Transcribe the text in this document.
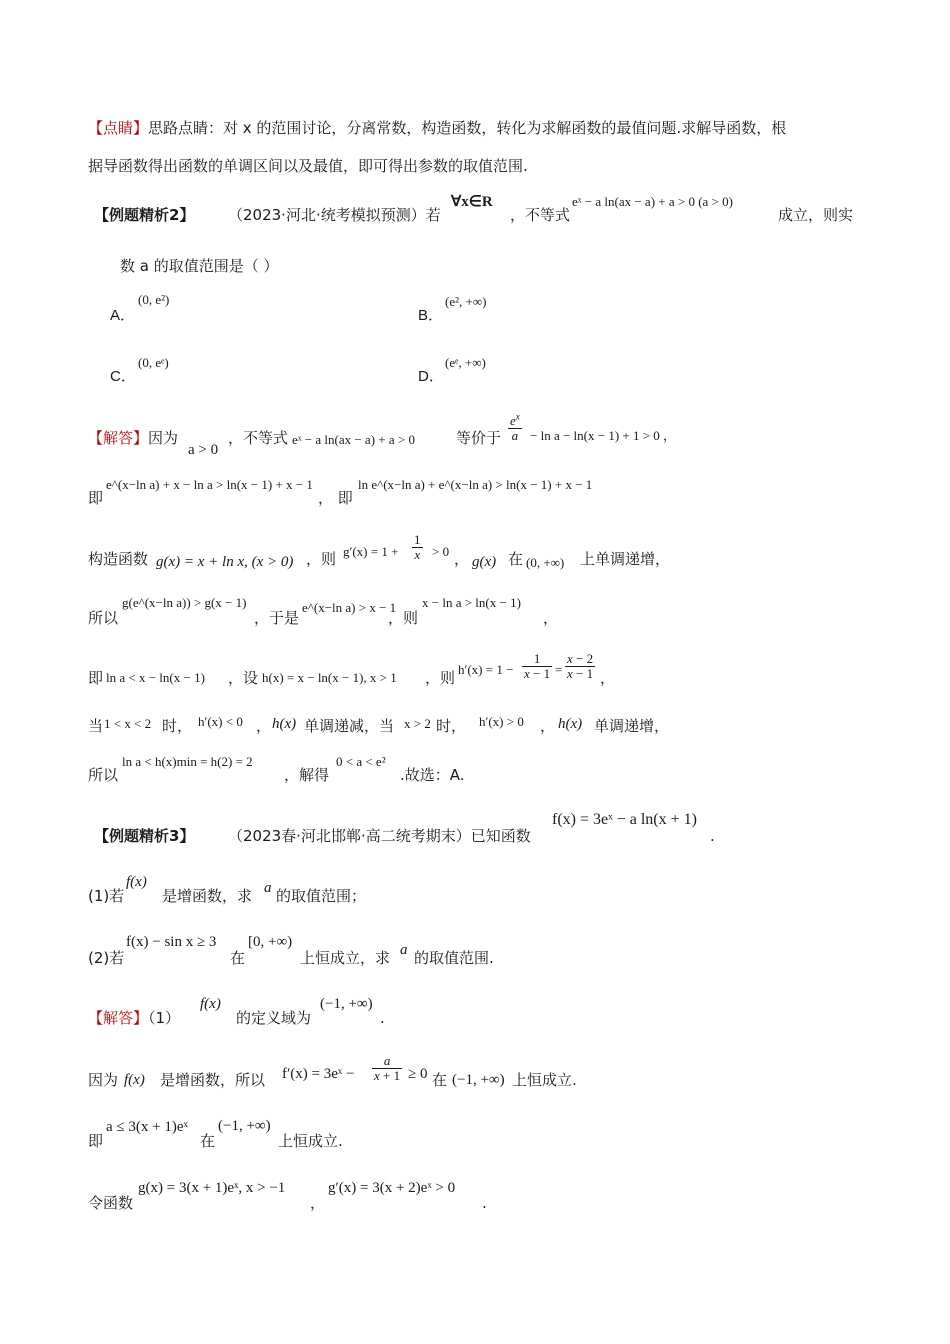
【点睛】思路点睛：对 x 的范围讨论，分离常数，构造函数，转化为求解函数的最值问题.求解导函数，根
据导函数得出函数的单调区间以及最值，即可得出参数的取值范围.
【例题精析2】 （2023·河北·统考模拟预测）若
∀x∈R
，不等式
eˣ − a ln(ax − a) + a > 0 (a > 0)
成立，则实
数 a 的取值范围是（ ）
A．
(0, e²)
B．
(e², +∞)
C．
(0, eᵉ)
D．
(eᵉ, +∞)
【解答】因为
a > 0
，不等式 eˣ − a ln(ax − a) + a > 0	等价于 $\frac{e^x}{a} - \ln a - \ln(x - 1) + 1 > 0$ ，
即
e^(x−ln a) + x − ln a > ln(x − 1) + x − 1
， 即
ln e^(x−ln a) + e^(x−ln a) > ln(x − 1) + x − 1
构造函数 g(x) = x + ln x, (x > 0) ，则 $g'(x) = 1 + \frac{1}{x} > 0$ ， g(x) 在 (0, +∞) 上单调递增，
所以
g(e^(x−ln a)) > g(x − 1)
，于是
e^(x−ln a) > x − 1
，则
x − ln a > ln(x − 1)
，
即 ln a < x − ln(x − 1) ，设 h(x) = x − ln(x − 1), x > 1 ，则 $h'(x) = 1 - \frac{1}{x - 1} = \frac{x - 2}{x - 1}$ ，
当 1 < x < 2 时， h′(x) < 0 ， h(x) 单调递减，当 x > 2 时， h′(x) > 0 ， h(x) 单调递增，
所以
ln a < h(x)min = h(2) = 2
，解得
0 < a < e²
.故选：A.
【例题精析3】 （2023春·河北邯郸·高二统考期末）已知函数
f(x) = 3eˣ − a ln(x + 1)
.
(1)若
f(x)
是增函数，求 a 的取值范围；
(2)若
f(x) − sin x ≥ 3
在
[0, +∞)
上恒成立，求 a 的取值范围.
【解答】（1）
f(x)
的定义域为
(−1, +∞)
.
因为 f(x) 是增函数，所以 f′(x) = 3eˣ − $\frac{a}{x + 1} \ge 0$ 在 (−1, +∞) 上恒成立.
即
a ≤ 3(x + 1)eˣ
在
(−1, +∞)
上恒成立.
令函数
g(x) = 3(x + 1)eˣ, x > −1
，
g′(x) = 3(x + 2)eˣ > 0
.
